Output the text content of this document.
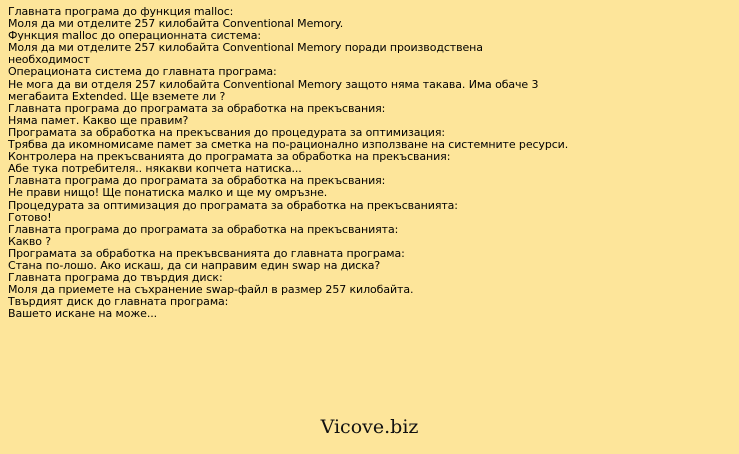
Главната програма до функция malloc:
Моля да ми отделите 257 килобайта Conventional Memory.
Функция malloc до операционната система:
Моля да ми отделите 257 килобайта Conventional Memory поради производствена
необходимост
Операционата система до главната програма:
Не мога да ви отделя 257 килобайта Conventional Memory защото няма такава. Има обаче 3
мегабаита Extended. Ще вземете ли ?
Главната програма до програмата за обработка на прекъсвания:
Няма памет. Какво ще правим?
Програмата за обработка на прекъсвания до процедурата за оптимизация:
Трябва да икомномисаме памет за сметка на по-рационално използване на системните ресурси.
Контролера на прекъсванията до програмата за обработка на прекъсвания:
Абе тука потребителя.. някакви копчета натиска...
Главната програма до програмата за обработка на прекъсвания:
Не прави нищо! Ще понатиска малко и ще му омръзне.
Процедурата за оптимизация до програмата за обработка на прекъсванията:
Готово!
Главната програма до програмата за обработка на прекъсванията:
Какво ?
Програмата за обработка на прекъвсванията до главната програма:
Стана по-лошо. Ако искаш, да си направим един swap на диска?
Главната програма до твърдия диск:
Моля да приемете на съхранение swap-файл в размер 257 килобайта.
Твърдият диск до главната програма:
Вашето искане на може...
Vicove.biz
